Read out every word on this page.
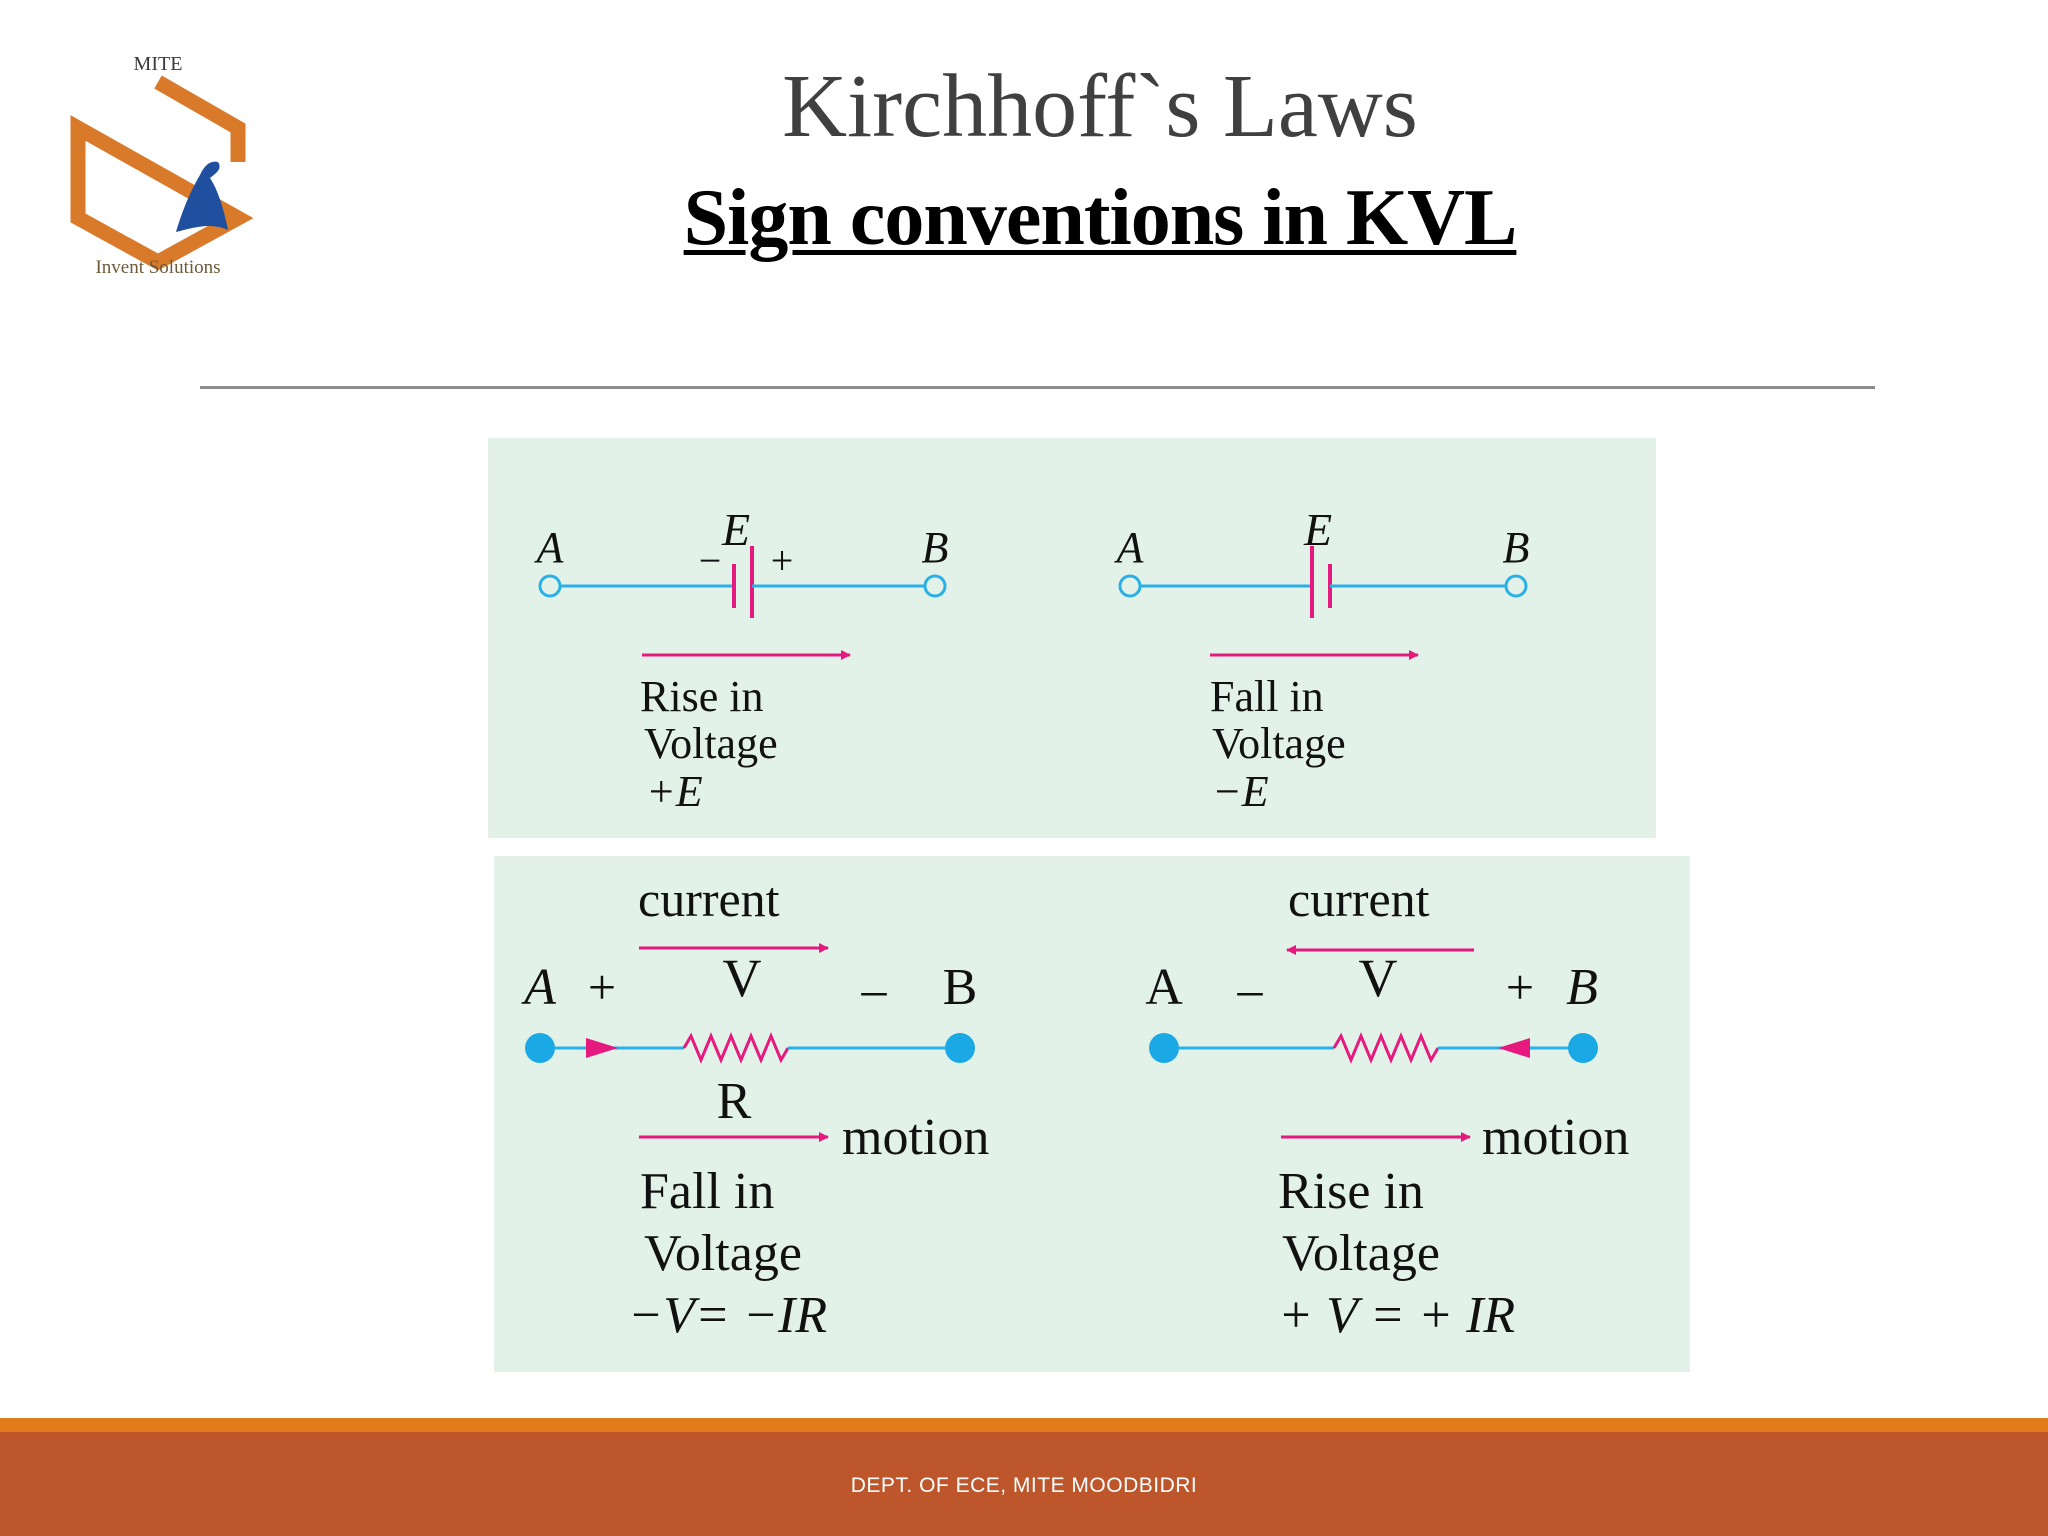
MITE
Invent Solutions
Kirchhoff`s Laws
Sign conventions in KVL
A	B
E
− +
Rise in
Voltage
+E
A	B
E
Fall in
Voltage
−E
current
A + V – B
R
motion
Fall in
Voltage
−V= −IR
current
A – V + B
motion
Rise in
Voltage
+ V = + IR
DEPT. OF ECE, MITE MOODBIDRI
